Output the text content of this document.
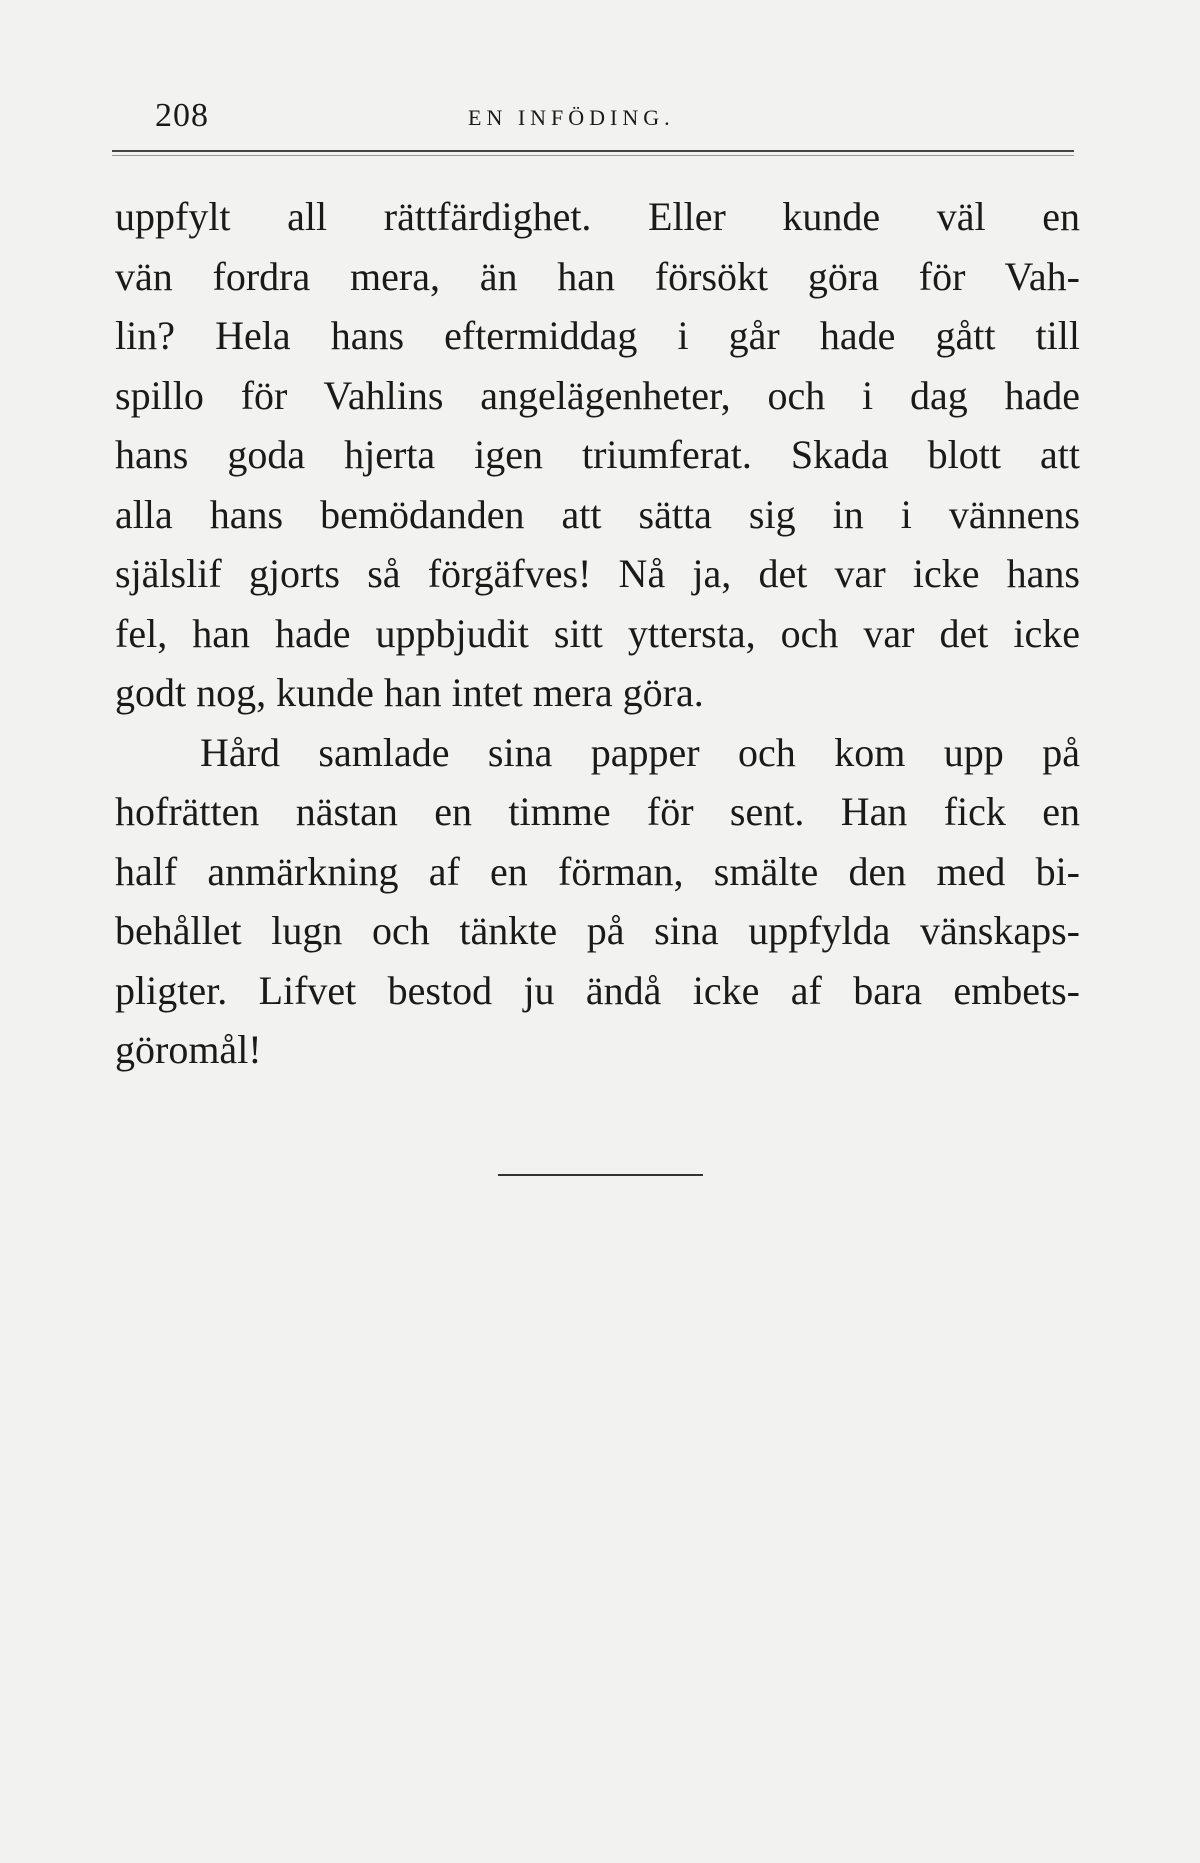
208	EN INFÖDING.
uppfylt all rättfärdighet. Eller kunde väl en
vän fordra mera, än han försökt göra för Vah-
lin? Hela hans eftermiddag i går hade gått till
spillo för Vahlins angelägenheter, och i dag hade
hans goda hjerta igen triumferat. Skada blott att
alla hans bemödanden att sätta sig in i vännens
själslif gjorts så förgäfves! Nå ja, det var icke hans
fel, han hade uppbjudit sitt yttersta, och var det icke
godt nog, kunde han intet mera göra.
Hård samlade sina papper och kom upp på
hofrätten nästan en timme för sent. Han fick en
half anmärkning af en förman, smälte den med bi-
behållet lugn och tänkte på sina uppfylda vänskaps-
pligter. Lifvet bestod ju ändå icke af bara embets-
göromål!
